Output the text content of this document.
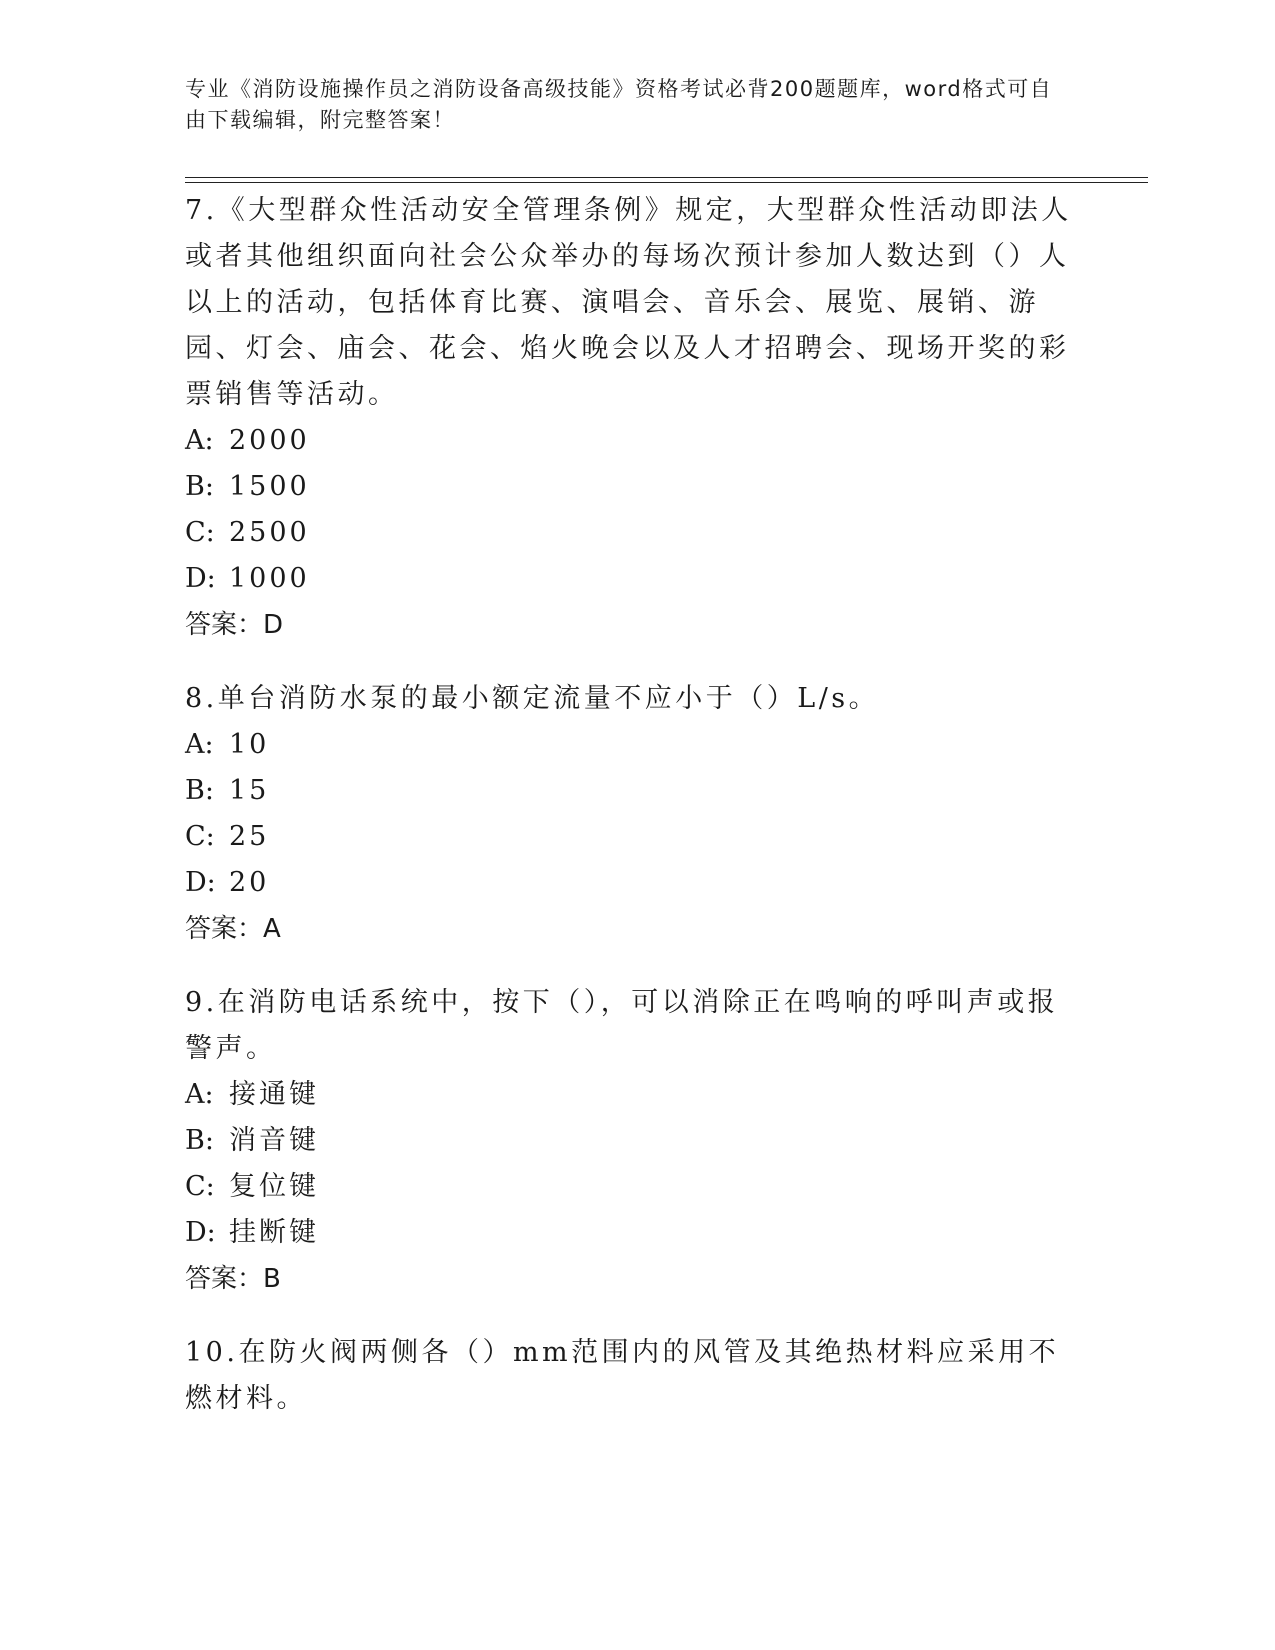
专业《消防设施操作员之消防设备高级技能》资格考试必背200题题库，word格式可自由下载编辑，附完整答案！

7.《大型群众性活动安全管理条例》规定，大型群众性活动即法人或者其他组织面向社会公众举办的每场次预计参加人数达到（）人以上的活动，包括体育比赛、演唱会、音乐会、展览、展销、游园、灯会、庙会、花会、焰火晚会以及人才招聘会、现场开奖的彩票销售等活动。

A: 2000

B: 1500

C: 2500

D: 1000

答案：D

8.单台消防水泵的最小额定流量不应小于（）L/s。

A: 10

B: 15

C: 25

D: 20

答案：A

9.在消防电话系统中，按下（），可以消除正在鸣响的呼叫声或报警声。

A: 接通键

B: 消音键

C: 复位键

D: 挂断键

答案：B

10.在防火阀两侧各（）mm范围内的风管及其绝热材料应采用不燃材料。
